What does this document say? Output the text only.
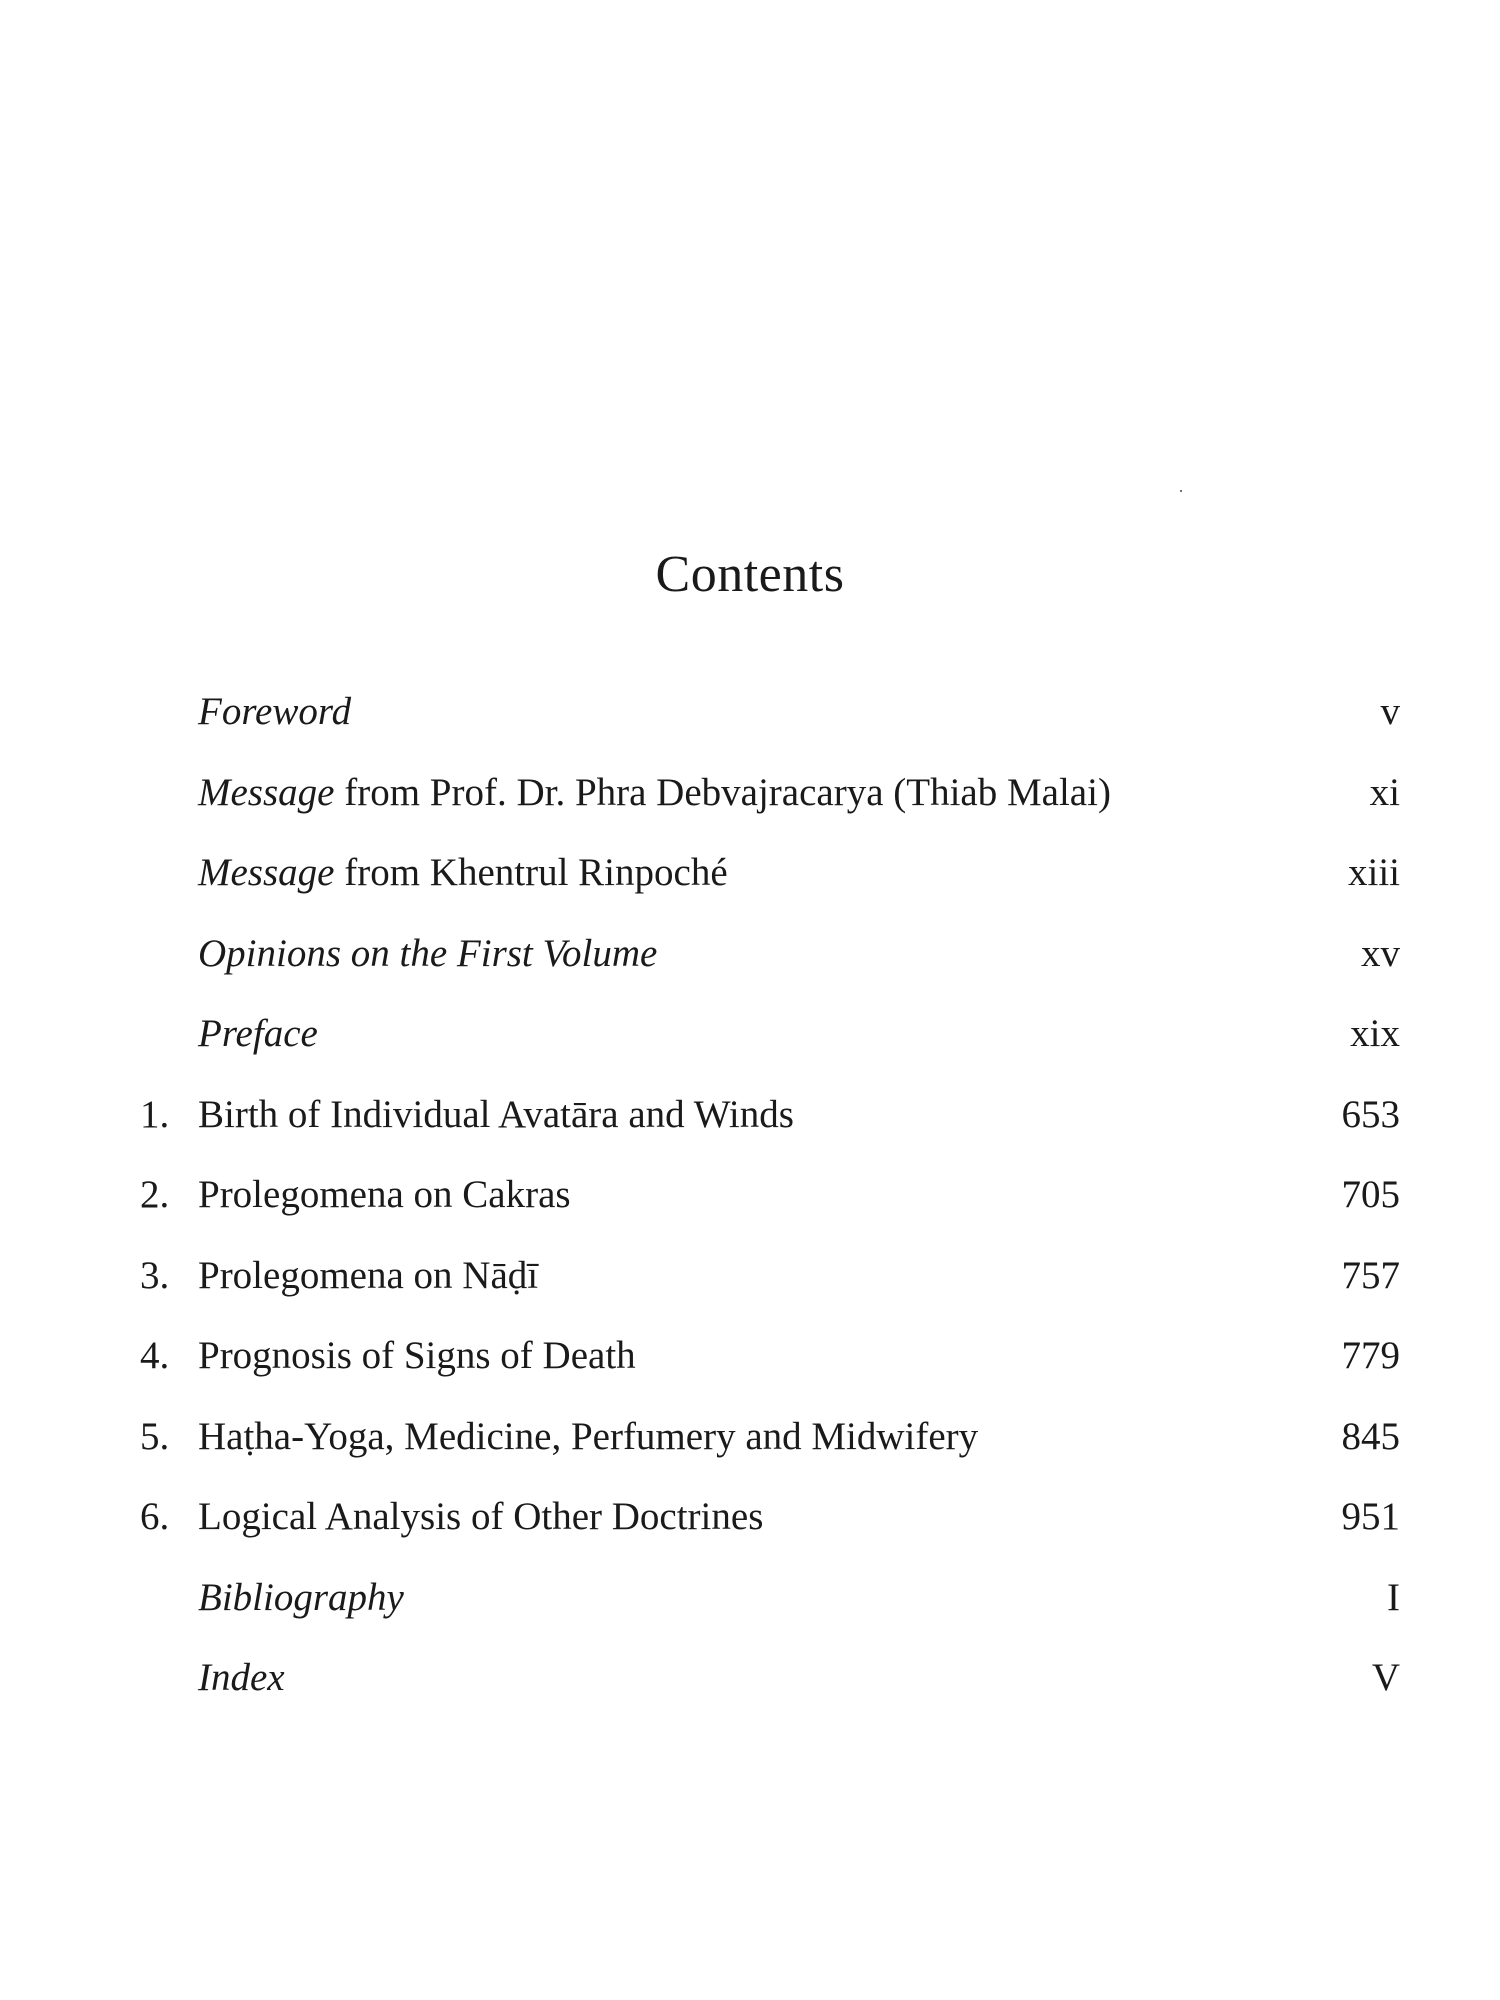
Contents
Foreword	v
Message from Prof. Dr. Phra Debvajracarya (Thiab Malai)	xi
Message from Khentrul Rinpoché	xiii
Opinions on the First Volume	xv
Preface	xix
1. Birth of Individual Avatāra and Winds	653
2. Prolegomena on Cakras	705
3. Prolegomena on Nāḍī	757
4. Prognosis of Signs of Death	779
5. Haṭha-Yoga, Medicine, Perfumery and Midwifery	845
6. Logical Analysis of Other Doctrines	951
Bibliography	I
Index	V
